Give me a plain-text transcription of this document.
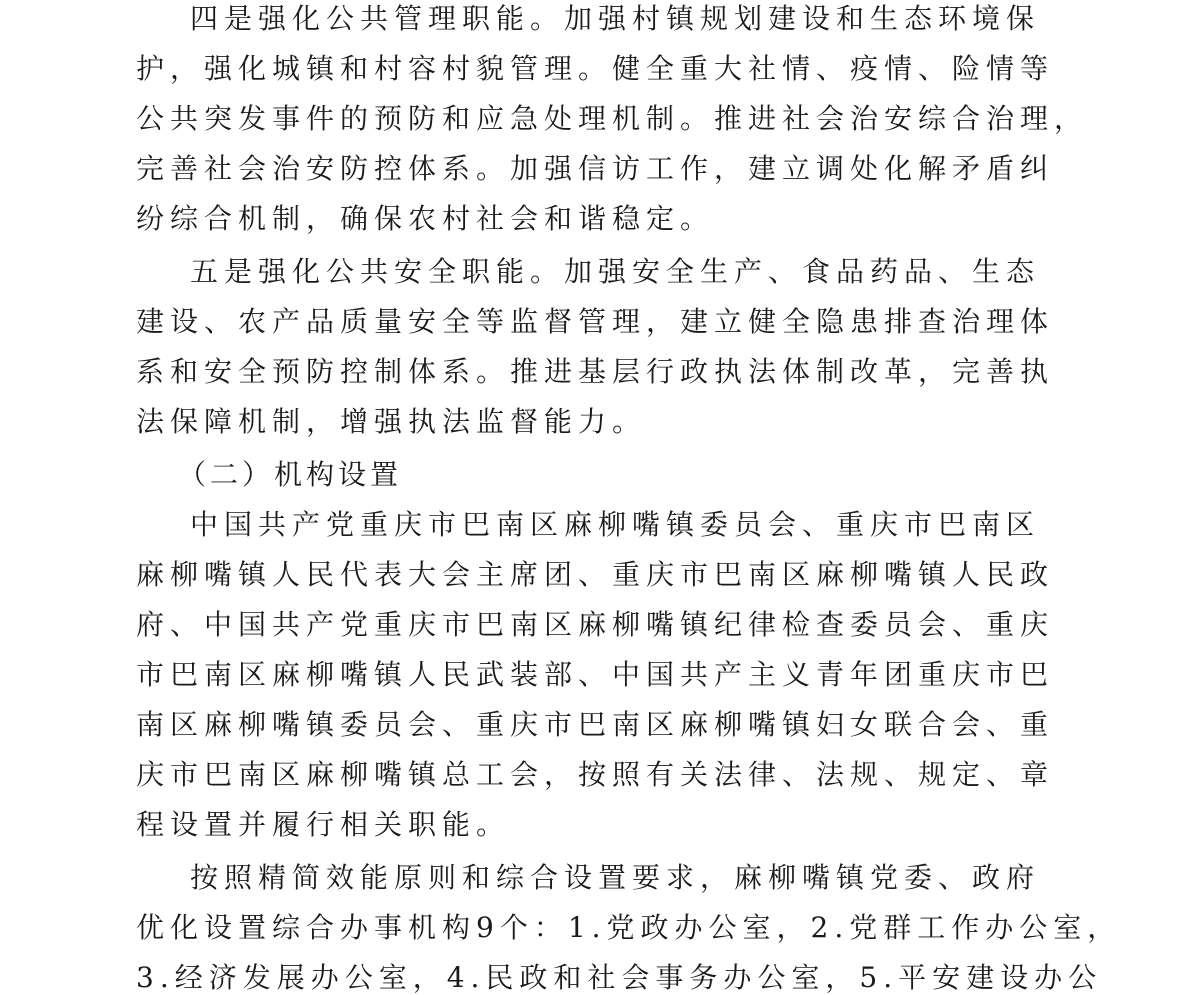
四是强化公共管理职能。加强村镇规划建设和生态环境保
护，强化城镇和村容村貌管理。健全重大社情、疫情、险情等
公共突发事件的预防和应急处理机制。推进社会治安综合治理，
完善社会治安防控体系。加强信访工作，建立调处化解矛盾纠
纷综合机制，确保农村社会和谐稳定。
五是强化公共安全职能。加强安全生产、食品药品、生态
建设、农产品质量安全等监督管理，建立健全隐患排查治理体
系和安全预防控制体系。推进基层行政执法体制改革，完善执
法保障机制，增强执法监督能力。
（二）机构设置
中国共产党重庆市巴南区麻柳嘴镇委员会、重庆市巴南区
麻柳嘴镇人民代表大会主席团、重庆市巴南区麻柳嘴镇人民政
府、中国共产党重庆市巴南区麻柳嘴镇纪律检查委员会、重庆
市巴南区麻柳嘴镇人民武装部、中国共产主义青年团重庆市巴
南区麻柳嘴镇委员会、重庆市巴南区麻柳嘴镇妇女联合会、重
庆市巴南区麻柳嘴镇总工会，按照有关法律、法规、规定、章
程设置并履行相关职能。
按照精简效能原则和综合设置要求，麻柳嘴镇党委、政府
优化设置综合办事机构9个：1.党政办公室，2.党群工作办公室，
3.经济发展办公室，4.民政和社会事务办公室，5.平安建设办公
